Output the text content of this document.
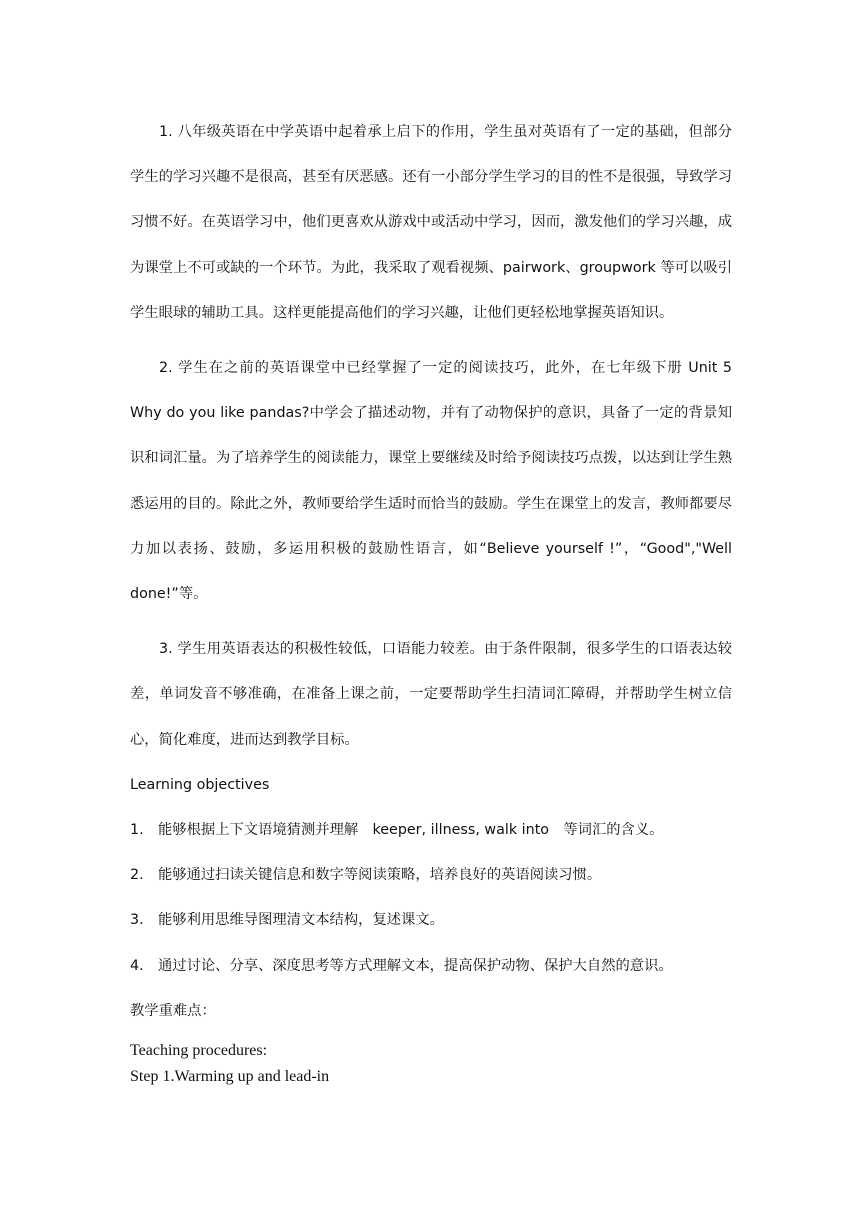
1. 八年级英语在中学英语中起着承上启下的作用，学生虽对英语有了一定的基础，但部分学生的学习兴趣不是很高，甚至有厌恶感。还有一小部分学生学习的目的性不是很强，导致学习习惯不好。在英语学习中，他们更喜欢从游戏中或活动中学习，因而，激发他们的学习兴趣，成为课堂上不可或缺的一个环节。为此，我采取了观看视频、pairwork、groupwork 等可以吸引学生眼球的辅助工具。这样更能提高他们的学习兴趣，让他们更轻松地掌握英语知识。

2. 学生在之前的英语课堂中已经掌握了一定的阅读技巧，此外，在七年级下册 Unit 5 Why do you like pandas?中学会了描述动物，并有了动物保护的意识，具备了一定的背景知识和词汇量。为了培养学生的阅读能力，课堂上要继续及时给予阅读技巧点拨，以达到让学生熟悉运用的目的。除此之外，教师要给学生适时而恰当的鼓励。学生在课堂上的发言，教师都要尽力加以表扬、鼓励，多运用积极的鼓励性语言，如“Believe yourself !”，“Good","Well done!”等。

3. 学生用英语表达的积极性较低，口语能力较差。由于条件限制，很多学生的口语表达较差，单词发音不够准确，在准备上课之前，一定要帮助学生扫清词汇障碍，并帮助学生树立信心，简化难度，进而达到教学目标。

Learning objectives

1.	能够根据上下文语境猜测并理解　keeper, illness, walk into　等词汇的含义。
2.	能够通过扫读关键信息和数字等阅读策略，培养良好的英语阅读习惯。
3.	能够利用思维导图理清文本结构，复述课文。
4.	通过讨论、分享、深度思考等方式理解文本，提高保护动物、保护大自然的意识。

教学重难点：

Teaching procedures:

Step 1.Warming up and lead-in
